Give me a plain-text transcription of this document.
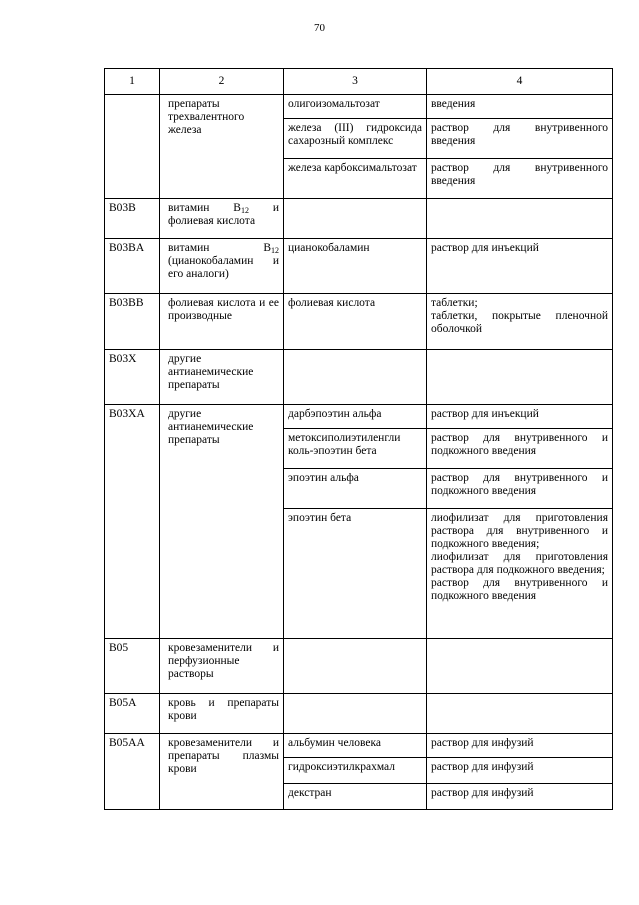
70
1	2	3	4
	препараты трехвалентного железа	олигоизомальтозат	введения

		железа (III) гидроксида сахарозный комплекс	раствор для внутривенного введения

		железа карбоксимальтозат	раствор для внутривенного введения

B03B	витамин $B_{12}$ и фолиевая кислота		
B03BA	витамин $B_{12}$ (цианокобаламин и его аналоги)	цианокобаламин	раствор для инъекций

B03BB	фолиевая кислота и ее производные	фолиевая кислота	таблетки;
таблетки, покрытые пленочной оболочкой

B03X	другие антианемические препараты		
B03XA	другие антианемические препараты	дарбэпоэтин альфа	раствор для инъекций

		метоксиполиэтиленгли коль-эпоэтин бета	раствор для внутривенного и подкожного введения

		эпоэтин альфа	раствор для внутривенного и подкожного введения

		эпоэтин бета	лиофилизат для приготовления раствора для внутривенного и подкожного введения;
лиофилизат для приготовления раствора для подкожного введения;
раствор для внутривенного и подкожного введения

B05	кровезаменители и перфузионные растворы		
B05A	кровь и препараты крови		
B05AA	кровезаменители и препараты плазмы крови	альбумин человека	раствор для инфузий

		гидроксиэтилкрахмал	раствор для инфузий

		декстран	раствор для инфузий
